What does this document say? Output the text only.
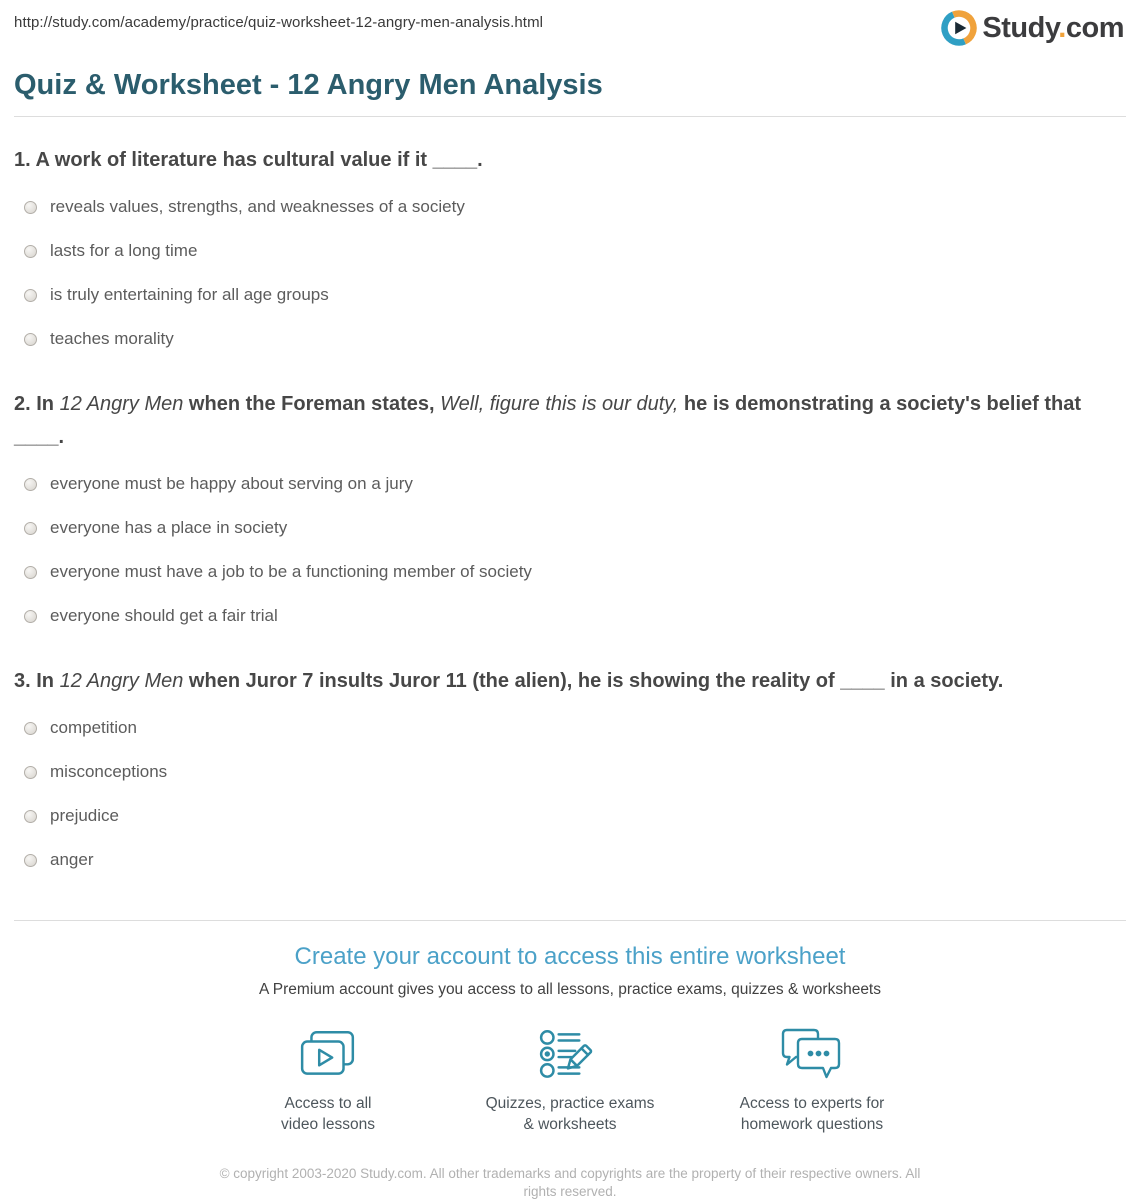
http://study.com/academy/practice/quiz-worksheet-12-angry-men-analysis.html	Study.com
Quiz & Worksheet - 12 Angry Men Analysis
1. A work of literature has cultural value if it ____.
reveals values, strengths, and weaknesses of a society
lasts for a long time
is truly entertaining for all age groups
teaches morality
2. In 12 Angry Men when the Foreman states, Well, figure this is our duty, he is demonstrating a society's belief that ____.
everyone must be happy about serving on a jury
everyone has a place in society
everyone must have a job to be a functioning member of society
everyone should get a fair trial
3. In 12 Angry Men when Juror 7 insults Juror 11 (the alien), he is showing the reality of ____ in a society.
competition
misconceptions
prejudice
anger
Create your account to access this entire worksheet

A Premium account gives you access to all lessons, practice exams, quizzes & worksheets

Access to all
video lessons
Quizzes, practice exams
& worksheets
Access to experts for
homework questions

© copyright 2003-2020 Study.com. All other trademarks and copyrights are the property of their respective owners. All rights reserved.
